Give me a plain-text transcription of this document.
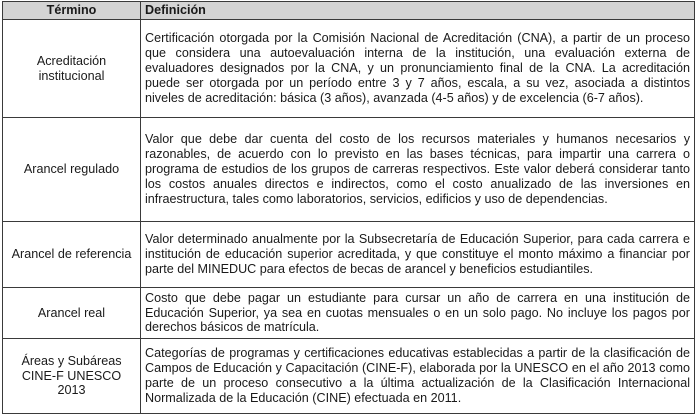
Término	Definición
Acreditación institucional	Certificación otorgada por la Comisión Nacional de Acreditación (CNA), a partir de un proceso que considera una autoevaluación interna de la institución, una evaluación externa de evaluadores designados por la CNA, y un pronunciamiento final de la CNA. La acreditación puede ser otorgada por un período entre 3 y 7 años, escala, a su vez, asociada a distintos niveles de acreditación: básica (3 años), avanzada (4-5 años) y de excelencia (6-7 años).
Arancel regulado	Valor que debe dar cuenta del costo de los recursos materiales y humanos necesarios y razonables, de acuerdo con lo previsto en las bases técnicas, para impartir una carrera o programa de estudios de los grupos de carreras respectivos. Este valor deberá considerar tanto los costos anuales directos e indirectos, como el costo anualizado de las inversiones en infraestructura, tales como laboratorios, servicios, edificios y uso de dependencias.
Arancel de referencia	Valor determinado anualmente por la Subsecretaría de Educación Superior, para cada carrera e institución de educación superior acreditada, y que constituye el monto máximo a financiar por parte del MINEDUC para efectos de becas de arancel y beneficios estudiantiles.
Arancel real	Costo que debe pagar un estudiante para cursar un año de carrera en una institución de Educación Superior, ya sea en cuotas mensuales o en un solo pago. No incluye los pagos por derechos básicos de matrícula.
Áreas y Subáreas CINE-F UNESCO 2013	Categorías de programas y certificaciones educativas establecidas a partir de la clasificación de Campos de Educación y Capacitación (CINE-F), elaborada por la UNESCO en el año 2013 como parte de un proceso consecutivo a la última actualización de la Clasificación Internacional Normalizada de la Educación (CINE) efectuada en 2011.
